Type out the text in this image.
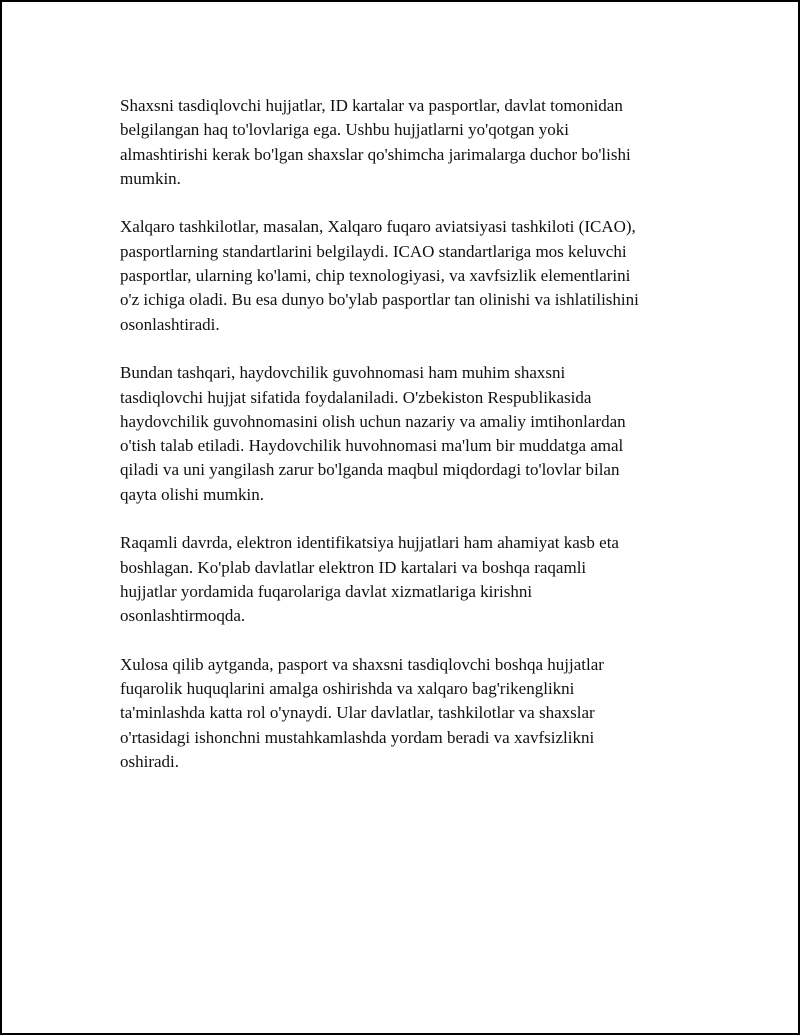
Shaxsni tasdiqlovchi hujjatlar, ID kartalar va pasportlar, davlat tomonidan
belgilangan haq to'lovlariga ega. Ushbu hujjatlarni yo'qotgan yoki
almashtirishi kerak bo'lgan shaxslar qo'shimcha jarimalarga duchor bo'lishi
mumkin.

Xalqaro tashkilotlar, masalan, Xalqaro fuqaro aviatsiyasi tashkiloti (ICAO),
pasportlarning standartlarini belgilaydi. ICAO standartlariga mos keluvchi
pasportlar, ularning ko'lami, chip texnologiyasi, va xavfsizlik elementlarini
o'z ichiga oladi. Bu esa dunyo bo'ylab pasportlar tan olinishi va ishlatilishini
osonlashtiradi.

Bundan tashqari, haydovchilik guvohnomasi ham muhim shaxsni
tasdiqlovchi hujjat sifatida foydalaniladi. O'zbekiston Respublikasida
haydovchilik guvohnomasini olish uchun nazariy va amaliy imtihonlardan
o'tish talab etiladi. Haydovchilik huvohnomasi ma'lum bir muddatga amal
qiladi va uni yangilash zarur bo'lganda maqbul miqdordagi to'lovlar bilan
qayta olishi mumkin.

Raqamli davrda, elektron identifikatsiya hujjatlari ham ahamiyat kasb eta
boshlagan. Ko'plab davlatlar elektron ID kartalari va boshqa raqamli
hujjatlar yordamida fuqarolariga davlat xizmatlariga kirishni
osonlashtirmoqda.

Xulosa qilib aytganda, pasport va shaxsni tasdiqlovchi boshqa hujjatlar
fuqarolik huquqlarini amalga oshirishda va xalqaro bag'rikenglikni
ta'minlashda katta rol o'ynaydi. Ular davlatlar, tashkilotlar va shaxslar
o'rtasidagi ishonchni mustahkamlashda yordam beradi va xavfsizlikni
oshiradi.
